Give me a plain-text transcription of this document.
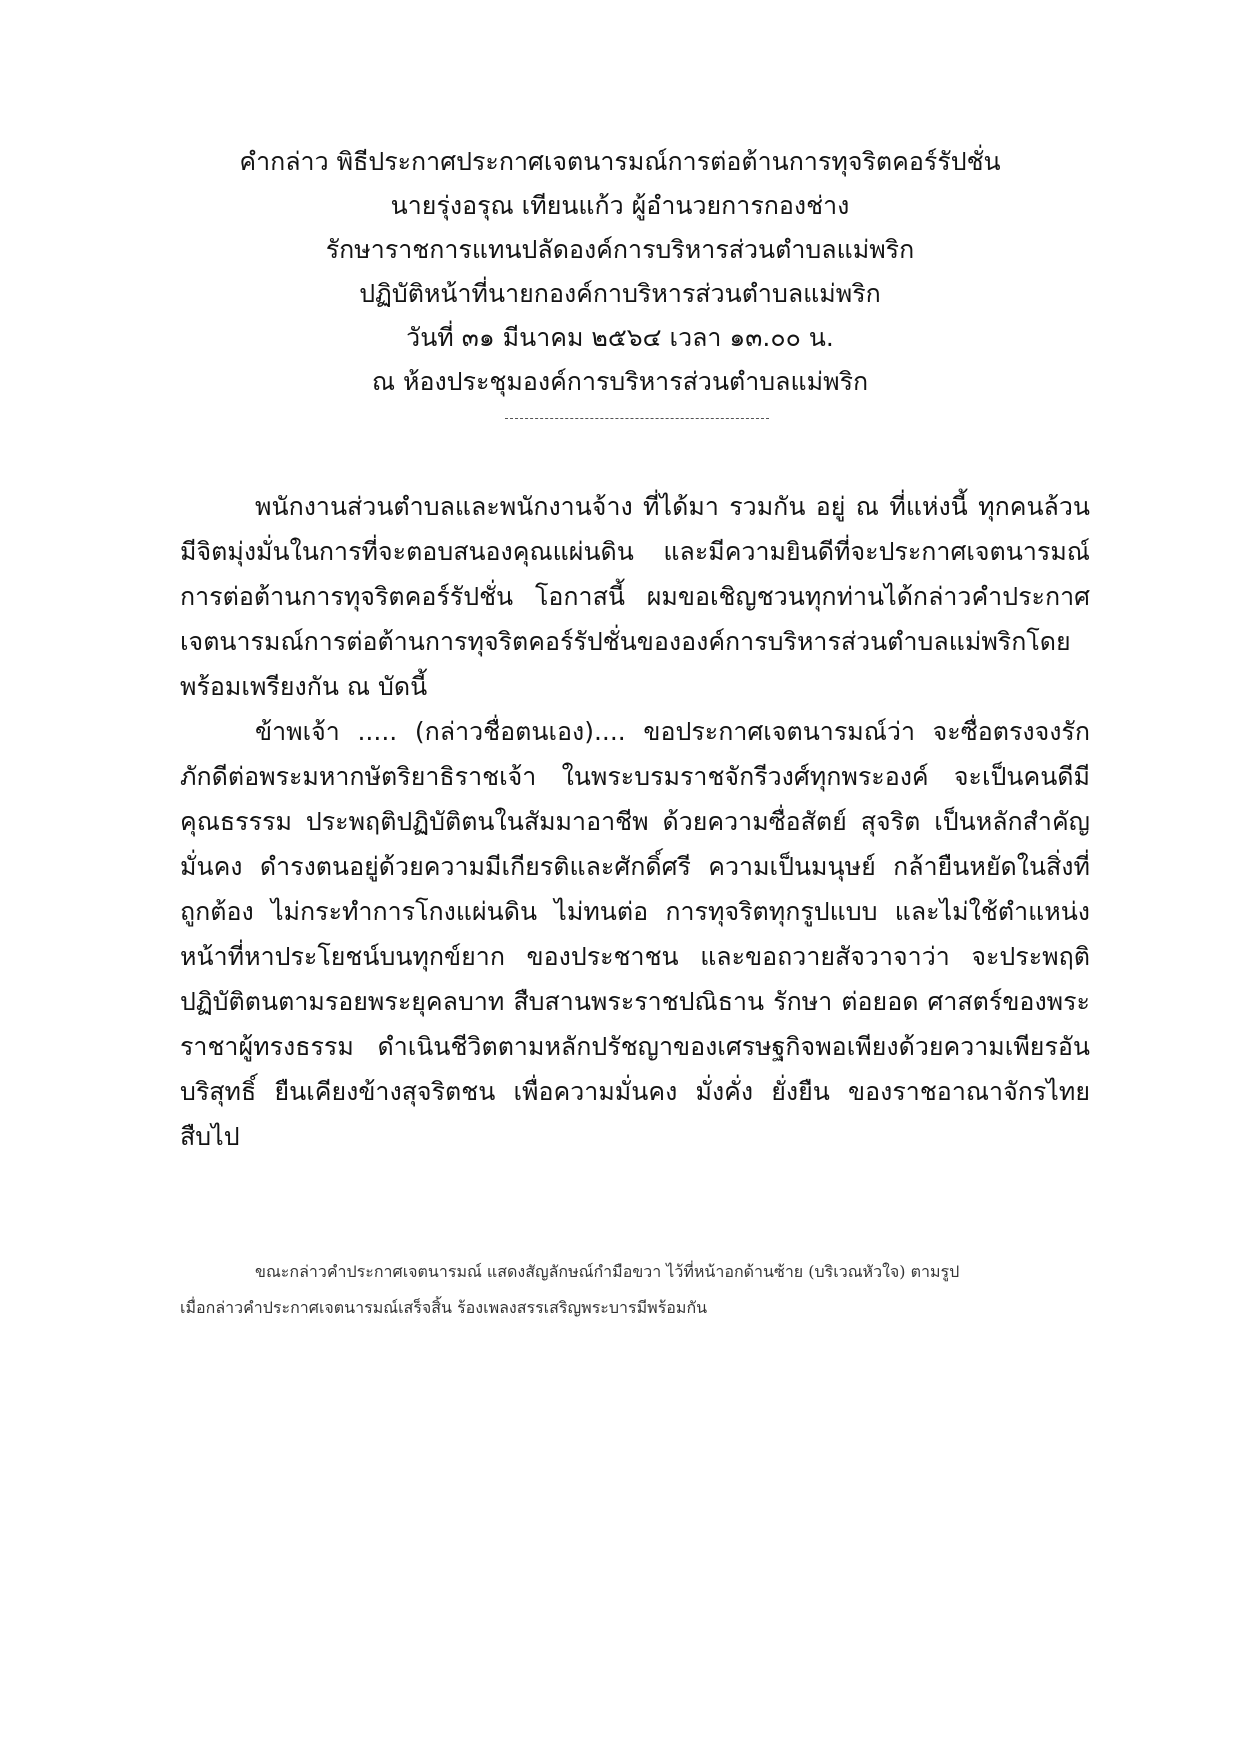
คำกล่าว พิธีประกาศประกาศเจตนารมณ์การต่อต้านการทุจริตคอร์รัปชั่น
นายรุ่งอรุณ เทียนแก้ว ผู้อำนวยการกองช่าง
รักษาราชการแทนปลัดองค์การบริหารส่วนตำบลแม่พริก
ปฏิบัติหน้าที่นายกองค์กาบริหารส่วนตำบลแม่พริก
วันที่ ๓๑ มีนาคม ๒๕๖๔ เวลา ๑๓.๐๐ น.
ณ ห้องประชุมองค์การบริหารส่วนตำบลแม่พริก

พนักงานส่วนตำบลและพนักงานจ้าง ที่ได้มา รวมกัน อยู่ ณ ที่แห่งนี้ ทุกคนล้วนมีจิตมุ่งมั่นในการที่จะตอบสนองคุณแผ่นดิน และมีความยินดีที่จะประกาศเจตนารมณ์การต่อต้านการทุจริตคอร์รัปชั่น โอกาสนี้ ผมขอเชิญชวนทุกท่านได้กล่าวคำประกาศเจตนารมณ์การต่อต้านการทุจริตคอร์รัปชั่นขององค์การบริหารส่วนตำบลแม่พริกโดยพร้อมเพรียงกัน ณ บัดนี้

ข้าพเจ้า ..... (กล่าวชื่อตนเอง).... ขอประกาศเจตนารมณ์ว่า จะซื่อตรงจงรักภักดีต่อพระมหากษัตริยาธิราชเจ้า ในพระบรมราชจักรีวงศ์ทุกพระองค์ จะเป็นคนดีมีคุณธรรรม ประพฤติปฏิบัติตนในสัมมาอาชีพ ด้วยความซื่อสัตย์ สุจริต เป็นหลักสำคัญมั่นคง ดำรงตนอยู่ด้วยความมีเกียรติและศักดิ์ศรี ความเป็นมนุษย์ กล้ายืนหยัดในสิ่งที่ถูกต้อง ไม่กระทำการโกงแผ่นดิน ไม่ทนต่อ การทุจริตทุกรูปแบบ และไม่ใช้ตำแหน่งหน้าที่หาประโยชน์บนทุกข์ยาก ของประชาชน และขอถวายสัจวาจาว่า จะประพฤติปฏิบัติตนตามรอยพระยุคลบาท สืบสานพระราชปณิธาน รักษา ต่อยอด ศาสตร์ของพระราชาผู้ทรงธรรม ดำเนินชีวิตตามหลักปรัชญาของเศรษฐกิจพอเพียงด้วยความเพียรอันบริสุทธิ์ ยืนเคียงข้างสุจริตชน เพื่อความมั่นคง มั่งคั่ง ยั่งยืน ของราชอาณาจักรไทยสืบไป

ขณะกล่าวคำประกาศเจตนารมณ์ แสดงสัญลักษณ์กำมือขวา ไว้ที่หน้าอกด้านซ้าย (บริเวณหัวใจ) ตามรูป

เมื่อกล่าวคำประกาศเจตนารมณ์เสร็จสิ้น ร้องเพลงสรรเสริญพระบารมีพร้อมกัน
